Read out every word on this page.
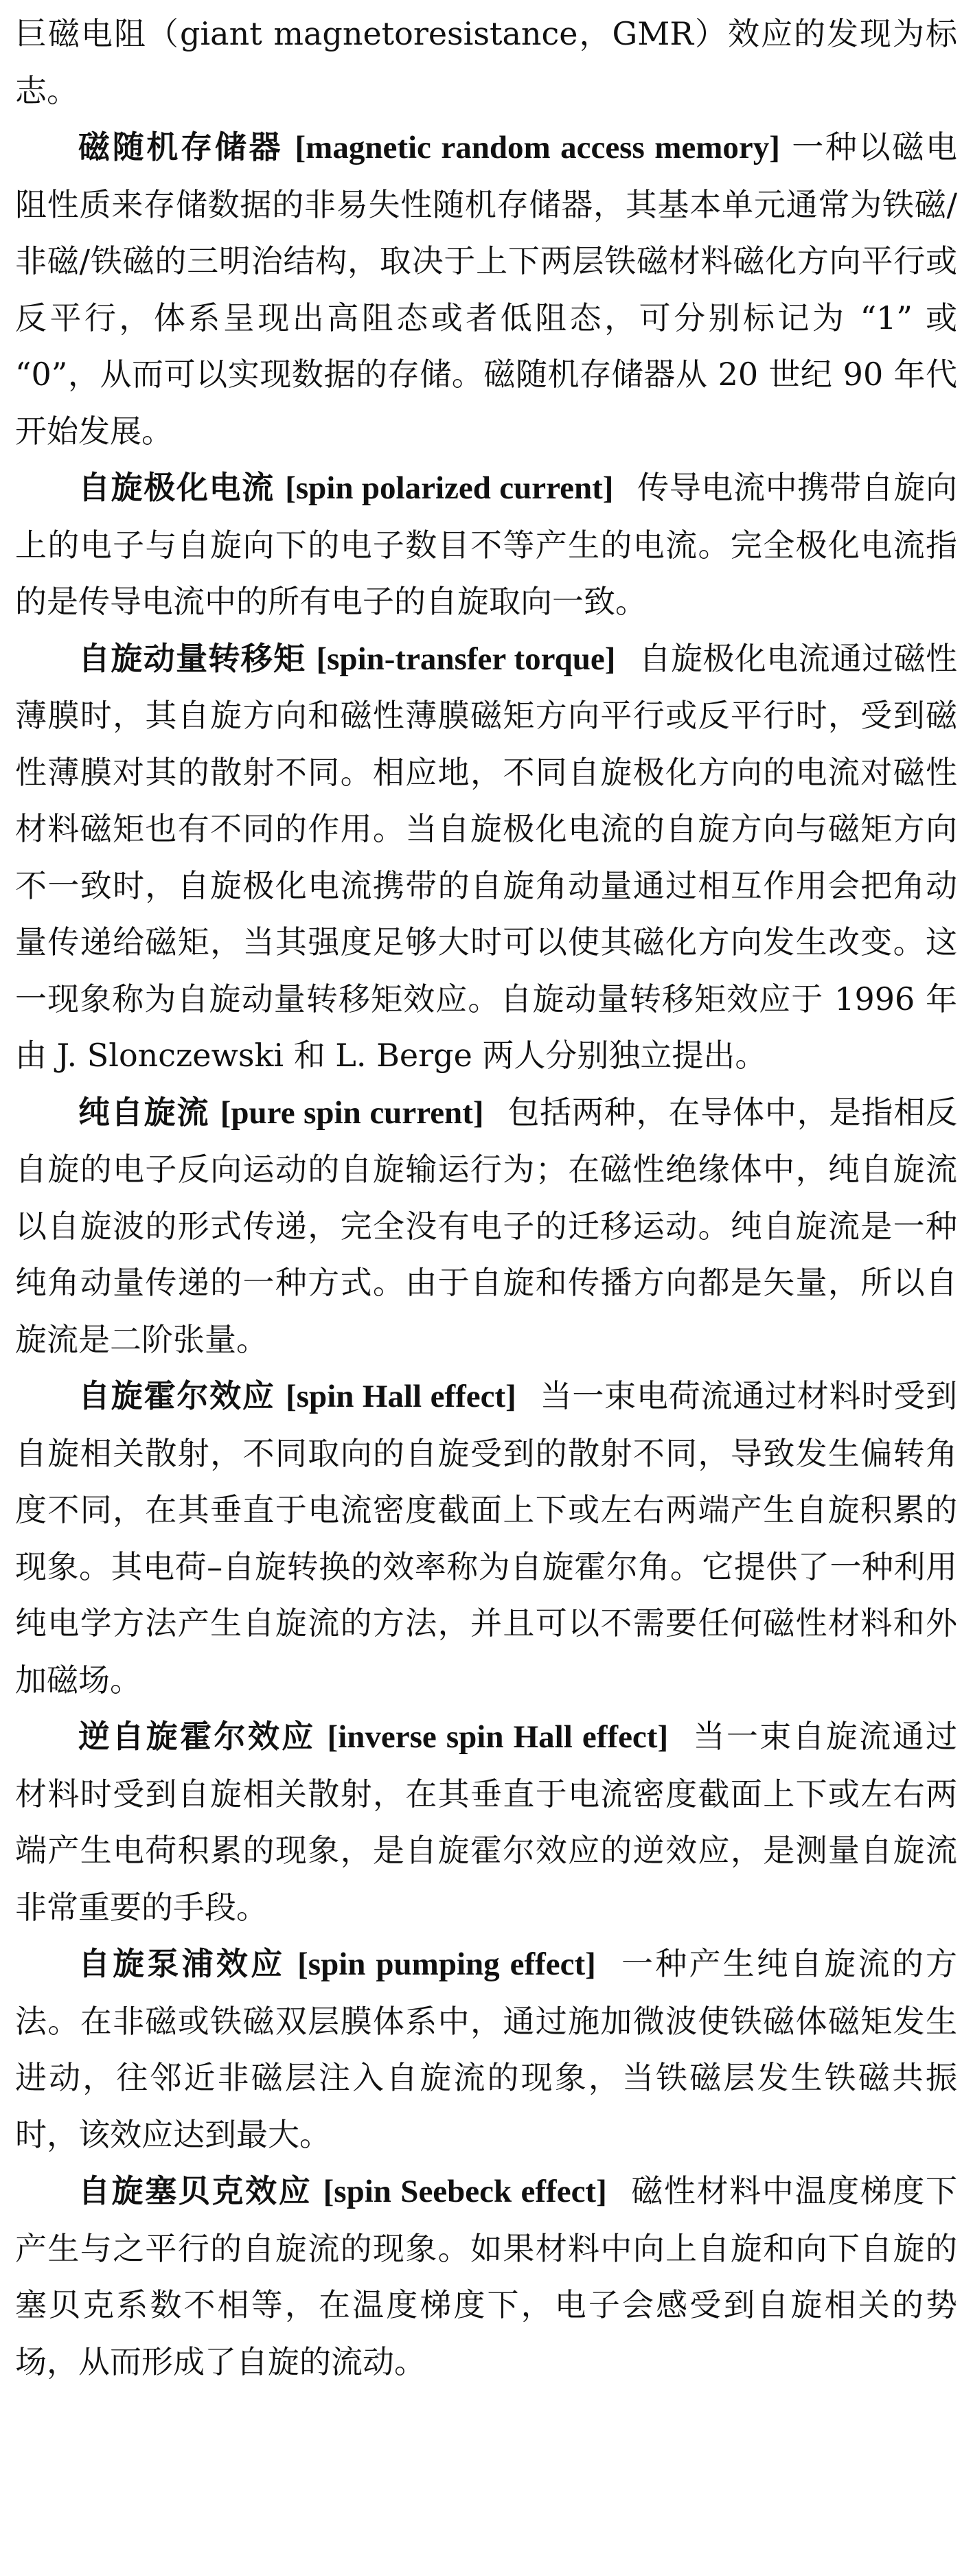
巨磁电阻（giant magnetoresistance，GMR）效应的发现为标志。

磁随机存储器 [magnetic random access memory] 一种以磁电阻性质来存储数据的非易失性随机存储器，其基本单元通常为铁磁/非磁/铁磁的三明治结构，取决于上下两层铁磁材料磁化方向平行或反平行，体系呈现出高阻态或者低阻态，可分别标记为 “1” 或 “0”，从而可以实现数据的存储。磁随机存储器从 20 世纪 90 年代开始发展。

自旋极化电流 [spin polarized current] 传导电流中携带自旋向上的电子与自旋向下的电子数目不等产生的电流。完全极化电流指的是传导电流中的所有电子的自旋取向一致。

自旋动量转移矩 [spin-transfer torque] 自旋极化电流通过磁性薄膜时，其自旋方向和磁性薄膜磁矩方向平行或反平行时，受到磁性薄膜对其的散射不同。相应地，不同自旋极化方向的电流对磁性材料磁矩也有不同的作用。当自旋极化电流的自旋方向与磁矩方向不一致时，自旋极化电流携带的自旋角动量通过相互作用会把角动量传递给磁矩，当其强度足够大时可以使其磁化方向发生改变。这一现象称为自旋动量转移矩效应。自旋动量转移矩效应于 1996 年由 J. Slonczewski 和 L. Berge 两人分别独立提出。

纯自旋流 [pure spin current] 包括两种，在导体中，是指相反自旋的电子反向运动的自旋输运行为；在磁性绝缘体中，纯自旋流以自旋波的形式传递，完全没有电子的迁移运动。纯自旋流是一种纯角动量传递的一种方式。由于自旋和传播方向都是矢量，所以自旋流是二阶张量。

自旋霍尔效应 [spin Hall effect] 当一束电荷流通过材料时受到自旋相关散射，不同取向的自旋受到的散射不同，导致发生偏转角度不同，在其垂直于电流密度截面上下或左右两端产生自旋积累的现象。其电荷–自旋转换的效率称为自旋霍尔角。它提供了一种利用纯电学方法产生自旋流的方法，并且可以不需要任何磁性材料和外加磁场。

逆自旋霍尔效应 [inverse spin Hall effect] 当一束自旋流通过材料时受到自旋相关散射，在其垂直于电流密度截面上下或左右两端产生电荷积累的现象，是自旋霍尔效应的逆效应，是测量自旋流非常重要的手段。

自旋泵浦效应 [spin pumping effect] 一种产生纯自旋流的方法。在非磁或铁磁双层膜体系中，通过施加微波使铁磁体磁矩发生进动，往邻近非磁层注入自旋流的现象，当铁磁层发生铁磁共振时，该效应达到最大。

自旋塞贝克效应 [spin Seebeck effect] 磁性材料中温度梯度下产生与之平行的自旋流的现象。如果材料中向上自旋和向下自旋的塞贝克系数不相等，在温度梯度下，电子会感受到自旋相关的势场，从而形成了自旋的流动。
